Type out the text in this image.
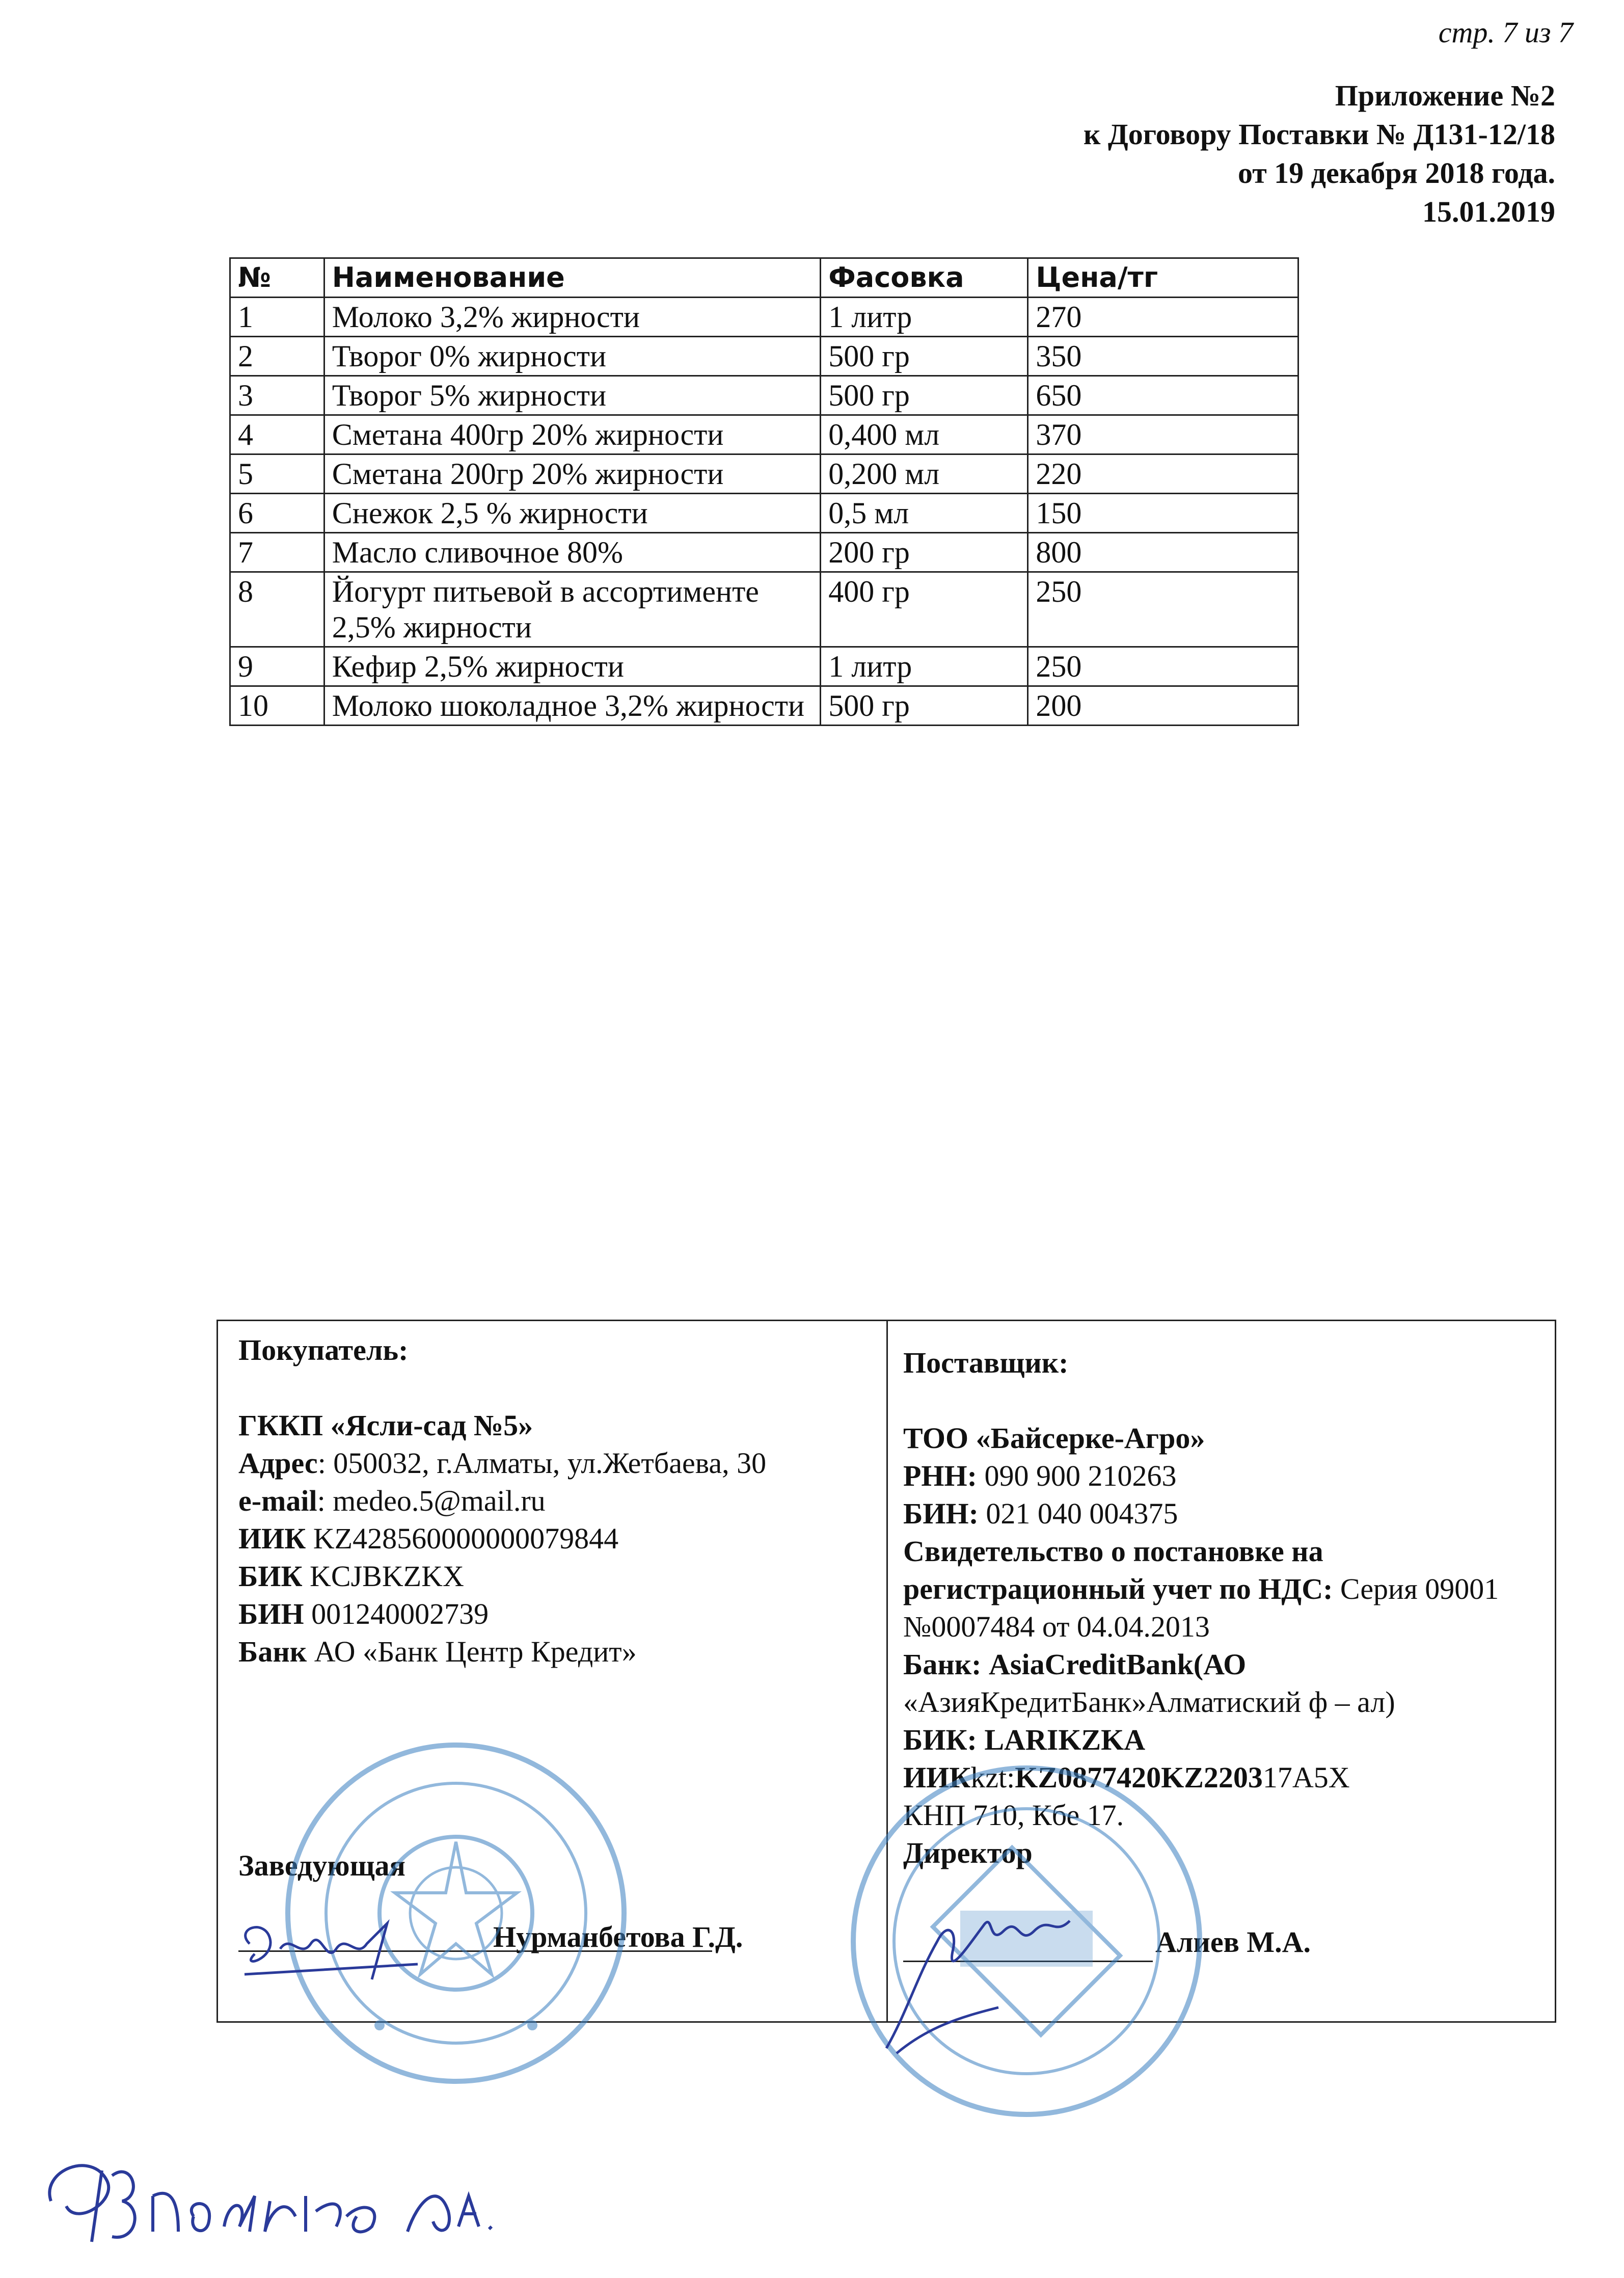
стр. 7 из 7
Приложение №2
к Договору Поставки № Д131-12/18
от 19 декабря 2018 года.
15.01.2019
№	Наименование	Фасовка	Цена/тг
1	Молоко 3,2% жирности	1 литр	270
2	Творог 0% жирности	500 гр	350
3	Творог 5% жирности	500 гр	650
4	Сметана 400гр 20% жирности	0,400 мл	370
5	Сметана 200гр 20% жирности	0,200 мл	220
6	Снежок 2,5 % жирности	0,5 мл	150
7	Масло сливочное 80%	200 гр	800
8	Йогурт питьевой в ассортименте 2,5% жирности	400 гр	250
9	Кефир 2,5% жирности	1 литр	250
10	Молоко шоколадное 3,2% жирности	500 гр	200
Покупатель:
ГККП «Ясли-сад №5»
Адрес: 050032, г.Алматы, ул.Жетбаева, 30
e-mail: medeo.5@mail.ru
ИИК KZ428560000000079844
БИК KCJBKZKX
БИН 001240002739
Банк АО «Банк Центр Кредит»
Поставщик:
ТОО «Байсерке-Агро»
РНН: 090 900 210263
БИН: 021 040 004375
Свидетельство о постановке на регистрационный учет по НДС: Серия 09001 №0007484 от 04.04.2013
Банк: AsiaCreditBank(АО
«АзияКредитБанк»Алматиский ф – ал)
БИК: LARIKZKA
ИИКkzt:KZ0877420KZ220317A5X
КНП 710, Кбе 17.
Директор
Заведующая
Нурманбетова Г.Д.	Алиев М.А.
